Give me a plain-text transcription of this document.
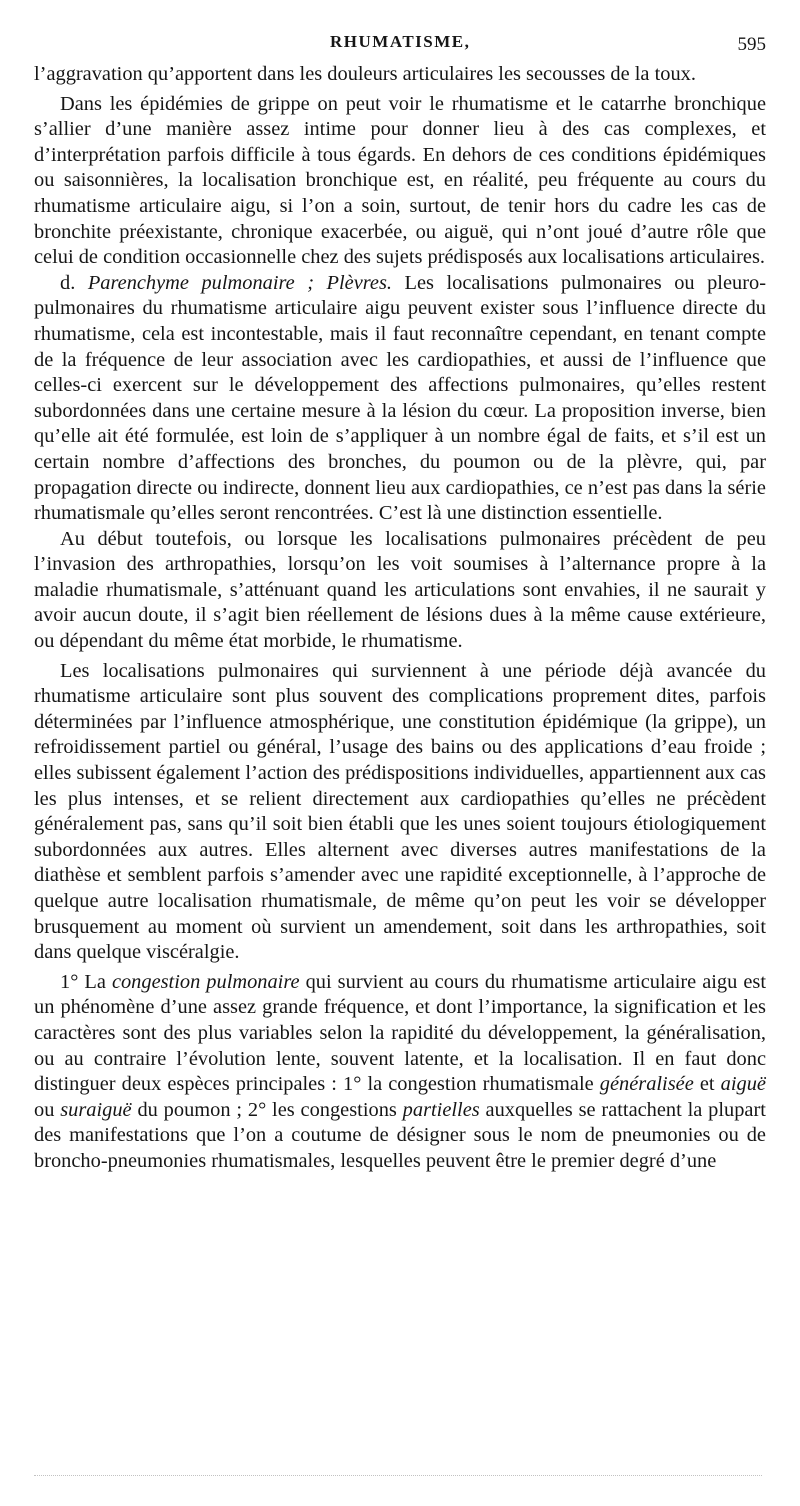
RHUMATISME,	595

l’aggravation qu’apportent dans les douleurs articulaires les secousses de la toux.

Dans les épidémies de grippe on peut voir le rhumatisme et le catarrhe bronchique s’allier d’une manière assez intime pour donner lieu à des cas complexes, et d’interprétation parfois difficile à tous égards. En dehors de ces conditions épidémiques ou saisonnières, la localisation bronchique est, en réalité, peu fréquente au cours du rhumatisme articulaire aigu, si l’on a soin, surtout, de tenir hors du cadre les cas de bronchite préexistante, chronique exacerbée, ou aiguë, qui n’ont joué d’autre rôle que celui de condition occasionnelle chez des sujets prédisposés aux localisations articulaires.

d. Parenchyme pulmonaire ; Plèvres. Les localisations pulmonaires ou pleuro-pulmonaires du rhumatisme articulaire aigu peuvent exister sous l’influence directe du rhumatisme, cela est incontestable, mais il faut reconnaître cependant, en tenant compte de la fréquence de leur association avec les cardiopathies, et aussi de l’influence que celles-ci exercent sur le développement des affections pulmonaires, qu’elles restent subordonnées dans une certaine mesure à la lésion du cœur. La proposition inverse, bien qu’elle ait été formulée, est loin de s’appliquer à un nombre égal de faits, et s’il est un certain nombre d’affections des bronches, du poumon ou de la plèvre, qui, par propagation directe ou indirecte, donnent lieu aux cardiopathies, ce n’est pas dans la série rhumatismale qu’elles seront rencontrées. C’est là une distinction essentielle.

Au début toutefois, ou lorsque les localisations pulmonaires précèdent de peu l’invasion des arthropathies, lorsqu’on les voit soumises à l’alternance propre à la maladie rhumatismale, s’atténuant quand les articulations sont envahies, il ne saurait y avoir aucun doute, il s’agit bien réellement de lésions dues à la même cause extérieure, ou dépendant du même état morbide, le rhumatisme.

Les localisations pulmonaires qui surviennent à une période déjà avancée du rhumatisme articulaire sont plus souvent des complications proprement dites, parfois déterminées par l’influence atmosphérique, une constitution épidémique (la grippe), un refroidissement partiel ou général, l’usage des bains ou des applications d’eau froide ; elles subissent également l’action des prédispositions individuelles, appartiennent aux cas les plus intenses, et se relient directement aux cardiopathies qu’elles ne précèdent généralement pas, sans qu’il soit bien établi que les unes soient toujours étiologiquement subordonnées aux autres. Elles alternent avec diverses autres manifestations de la diathèse et semblent parfois s’amender avec une rapidité exceptionnelle, à l’approche de quelque autre localisation rhumatismale, de même qu’on peut les voir se développer brusquement au moment où survient un amendement, soit dans les arthropathies, soit dans quelque viscéralgie.

1° La congestion pulmonaire qui survient au cours du rhumatisme articulaire aigu est un phénomène d’une assez grande fréquence, et dont l’importance, la signification et les caractères sont des plus variables selon la rapidité du développement, la généralisation, ou au contraire l’évolution lente, souvent latente, et la localisation. Il en faut donc distinguer deux espèces principales : 1° la congestion rhumatismale généralisée et aiguë ou suraiguë du poumon ; 2° les congestions partielles auxquelles se rattachent la plupart des manifestations que l’on a coutume de désigner sous le nom de pneumonies ou de broncho-pneumonies rhumatismales, lesquelles peuvent être le premier degré d’une
